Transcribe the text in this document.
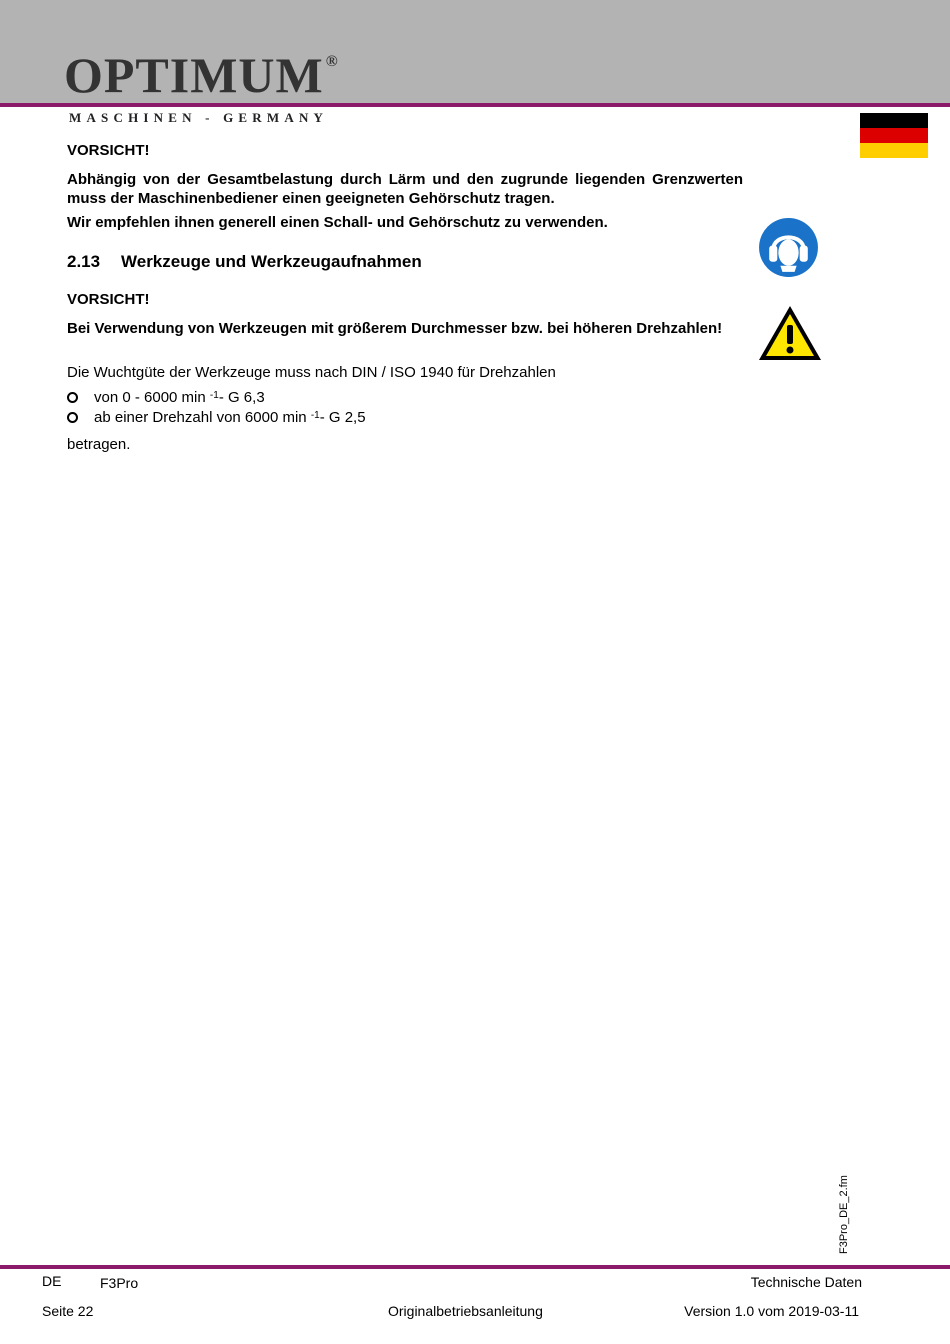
OPTIMUM ®
MASCHINEN - GERMANY
VORSICHT!
Abhängig von der Gesamtbelastung durch Lärm und den zugrunde liegenden Grenzwerten muss der Maschinenbediener einen geeigneten Gehörschutz tragen.
Wir empfehlen ihnen generell einen Schall- und Gehörschutz zu verwenden.
2.13 Werkzeuge und Werkzeugaufnahmen
VORSICHT!
Bei Verwendung von Werkzeugen mit größerem Durchmesser bzw. bei höheren Drehzahlen!
Die Wuchtgüte der Werkzeuge muss nach DIN / ISO 1940 für Drehzahlen
von 0 - 6000 min
$^{-1}$ - G 6,3
ab einer Drehzahl von 6000 min
$^{-1}$ - G 2,5
betragen.
F3Pro_DE_2.fm
DE	F3Pro	Technische Daten
Seite 22	Originalbetriebsanleitung	Version 1.0 vom 2019-03-11
